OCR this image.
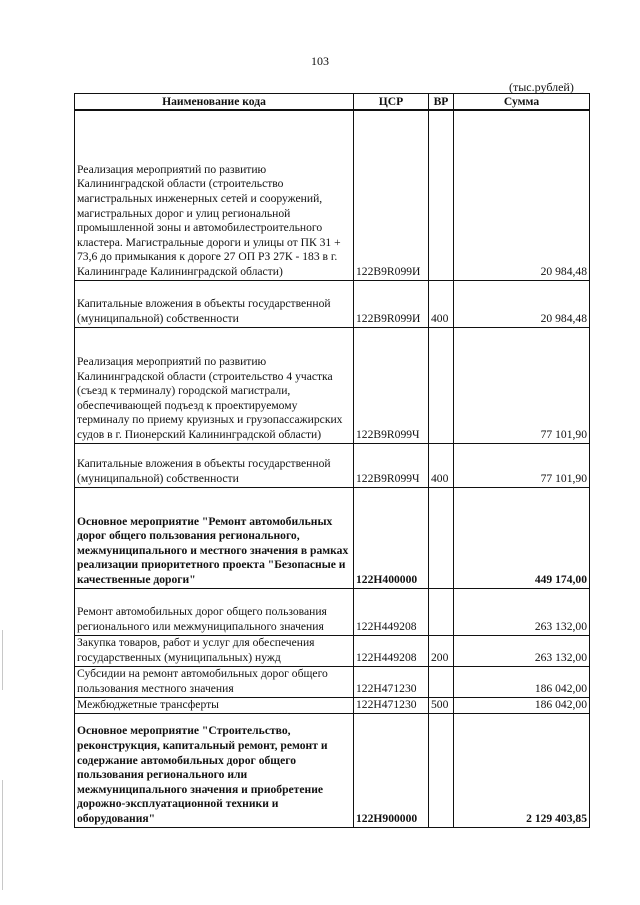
103
(тыс.рублей)
Наименование кода	ЦСР	ВР	Сумма
Реализация мероприятий по развитию Калининградской области (строительство магистральных инженерных сетей и сооружений, магистральных дорог и улиц региональной промышленной зоны и автомобилестроительного кластера. Магистральные дороги и улицы от ПК 31 + 73,6 до примыкания к дороге 27 ОП РЗ 27К - 183 в г. Калининграде Калининградской области)	122B9R099И		20 984,48
Капитальные вложения в объекты государственной (муниципальной) собственности	122B9R099И	400	20 984,48
Реализация мероприятий по развитию Калининградской области (строительство 4 участка (съезд к терминалу) городской магистрали, обеспечивающей подъезд к проектируемому терминалу по приему круизных и грузопассажирских судов в г. Пионерский Калининградской области)	122B9R099Ч		77 101,90
Капитальные вложения в объекты государственной (муниципальной) собственности	122B9R099Ч	400	77 101,90
Основное мероприятие "Ремонт автомобильных дорог общего пользования регионального, межмуниципального и местного значения в рамках реализации приоритетного проекта "Безопасные и качественные дороги"	122Н400000		449 174,00
Ремонт автомобильных дорог общего пользования регионального или межмуниципального значения	122Н449208		263 132,00
Закупка товаров, работ и услуг для обеспечения государственных (муниципальных) нужд	122Н449208	200	263 132,00
Субсидии на ремонт автомобильных дорог общего пользования местного значения	122Н471230		186 042,00
Межбюджетные трансферты	122Н471230	500	186 042,00
Основное мероприятие "Строительство, реконструкция, капитальный ремонт, ремонт и содержание автомобильных дорог общего пользования регионального или межмуниципального значения и приобретение дорожно-эксплуатационной техники и оборудования"	122Н900000		2 129 403,85
